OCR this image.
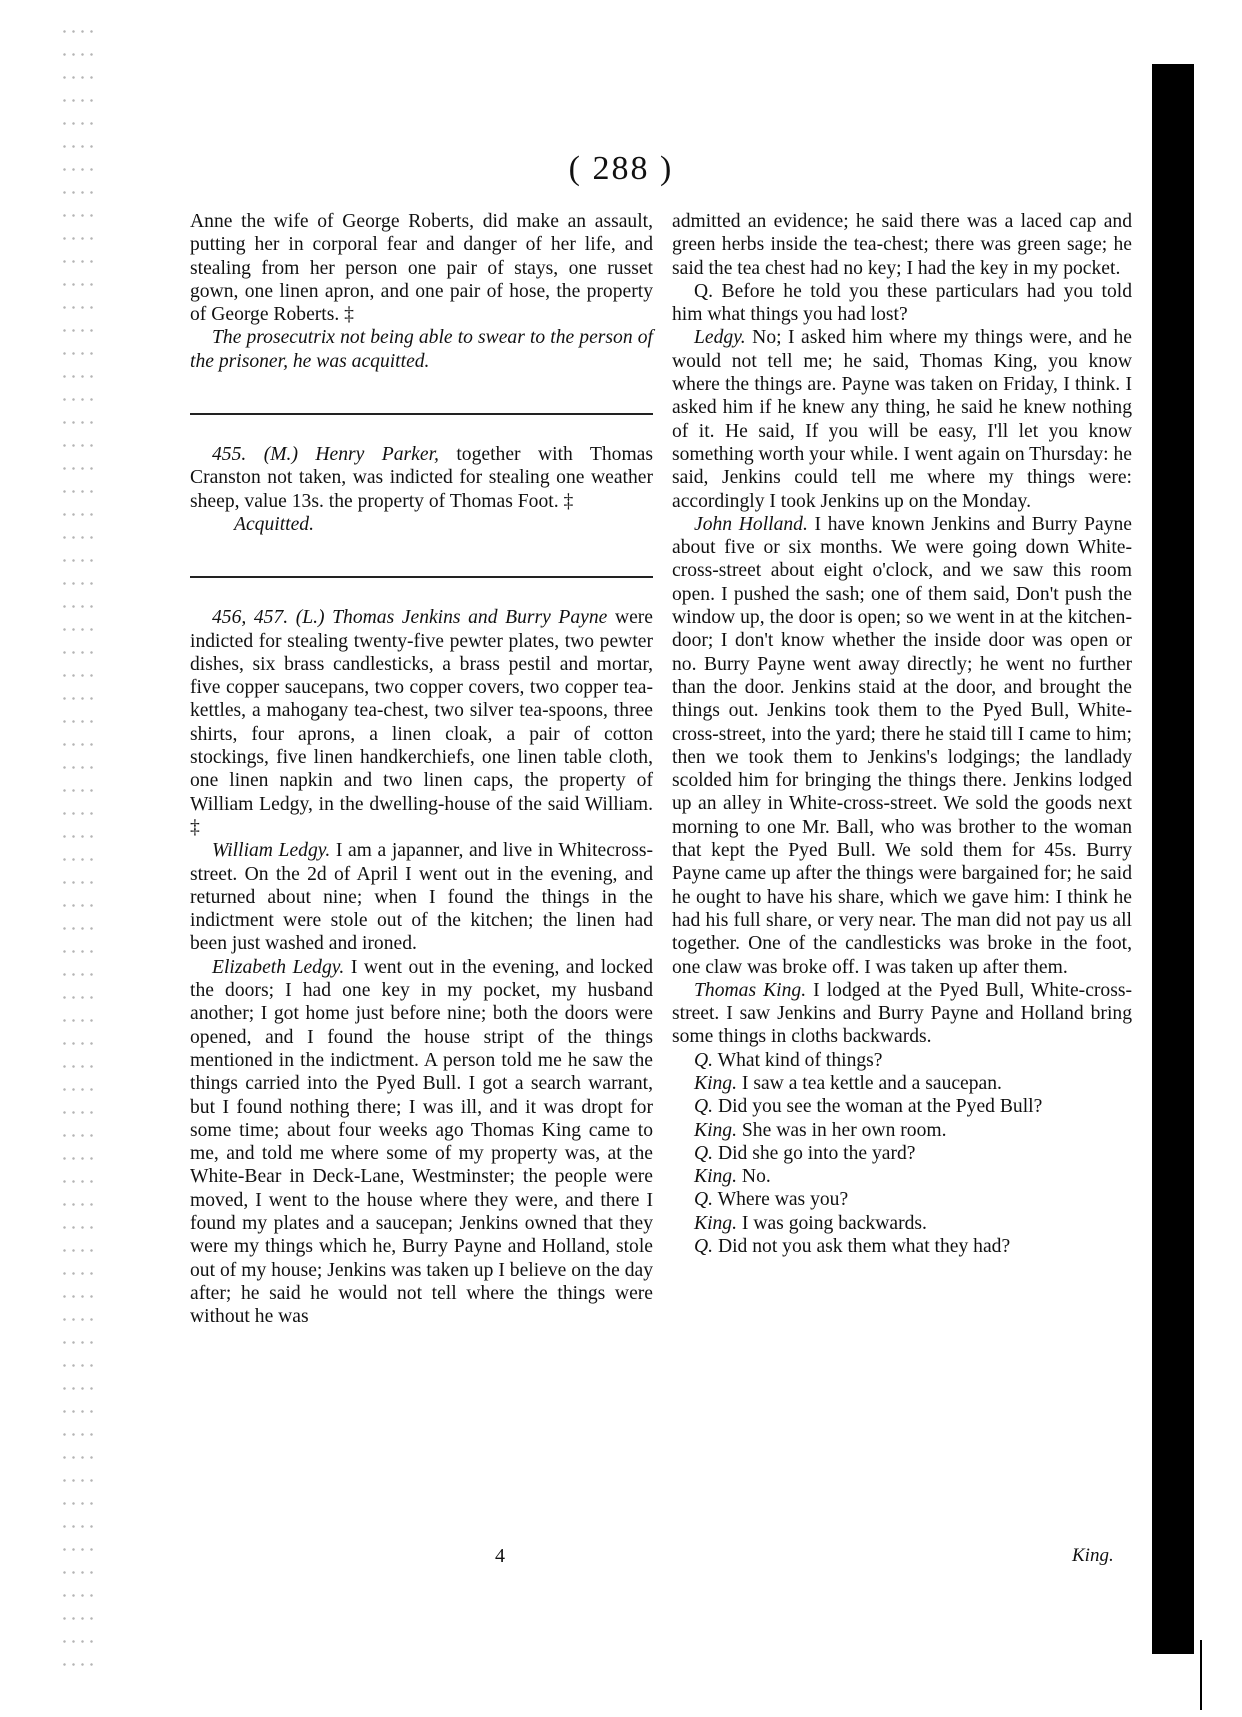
( 288 )

Anne the wife of George Roberts, did make an assault, putting her in corporal fear and danger of her life, and stealing from her person one pair of stays, one russet gown, one linen apron, and one pair of hose, the property of George Roberts. ‡

The prosecutrix not being able to swear to the person of the prisoner, he was acquitted.

455. (M.) Henry Parker, together with Thomas Cranston not taken, was indicted for stealing one weather sheep, value 13s. the property of Thomas Foot. ‡

Acquitted.

456, 457. (L.) Thomas Jenkins and Burry Payne were indicted for stealing twenty-five pewter plates, two pewter dishes, six brass candlesticks, a brass pestil and mortar, five copper saucepans, two copper covers, two copper tea-kettles, a mahogany tea-chest, two silver tea-spoons, three shirts, four aprons, a linen cloak, a pair of cotton stockings, five linen handkerchiefs, one linen table cloth, one linen napkin and two linen caps, the property of William Ledgy, in the dwelling-house of the said William. ‡

William Ledgy. I am a japanner, and live in Whitecross-street. On the 2d of April I went out in the evening, and returned about nine; when I found the things in the indictment were stole out of the kitchen; the linen had been just washed and ironed.

Elizabeth Ledgy. I went out in the evening, and locked the doors; I had one key in my pocket, my husband another; I got home just before nine; both the doors were opened, and I found the house stript of the things mentioned in the indictment. A person told me he saw the things carried into the Pyed Bull. I got a search warrant, but I found nothing there; I was ill, and it was dropt for some time; about four weeks ago Thomas King came to me, and told me where some of my property was, at the White-Bear in Deck-Lane, Westminster; the people were moved, I went to the house where they were, and there I found my plates and a saucepan; Jenkins owned that they were my things which he, Burry Payne and Holland, stole out of my house; Jenkins was taken up I believe on the day after; he said he would not tell where the things were without he was

admitted an evidence; he said there was a laced cap and green herbs inside the tea-chest; there was green sage; he said the tea chest had no key; I had the key in my pocket.

Q. Before he told you these particulars had you told him what things you had lost?

Ledgy. No; I asked him where my things were, and he would not tell me; he said, Thomas King, you know where the things are. Payne was taken on Friday, I think. I asked him if he knew any thing, he said he knew nothing of it. He said, If you will be easy, I'll let you know something worth your while. I went again on Thursday: he said, Jenkins could tell me where my things were: accordingly I took Jenkins up on the Monday.

John Holland. I have known Jenkins and Burry Payne about five or six months. We were going down White-cross-street about eight o'clock, and we saw this room open. I pushed the sash; one of them said, Don't push the window up, the door is open; so we went in at the kitchen-door; I don't know whether the inside door was open or no. Burry Payne went away directly; he went no further than the door. Jenkins staid at the door, and brought the things out. Jenkins took them to the Pyed Bull, White-cross-street, into the yard; there he staid till I came to him; then we took them to Jenkins's lodgings; the landlady scolded him for bringing the things there. Jenkins lodged up an alley in White-cross-street. We sold the goods next morning to one Mr. Ball, who was brother to the woman that kept the Pyed Bull. We sold them for 45s. Burry Payne came up after the things were bargained for; he said he ought to have his share, which we gave him: I think he had his full share, or very near. The man did not pay us all together. One of the candlesticks was broke in the foot, one claw was broke off. I was taken up after them.

Thomas King. I lodged at the Pyed Bull, White-cross-street. I saw Jenkins and Burry Payne and Holland bring some things in cloths backwards.

Q. What kind of things?

King. I saw a tea kettle and a saucepan.

Q. Did you see the woman at the Pyed Bull?

King. She was in her own room.

Q. Did she go into the yard?

King. No.

Q. Where was you?

King. I was going backwards.

Q. Did not you ask them what they had?

4	King.
